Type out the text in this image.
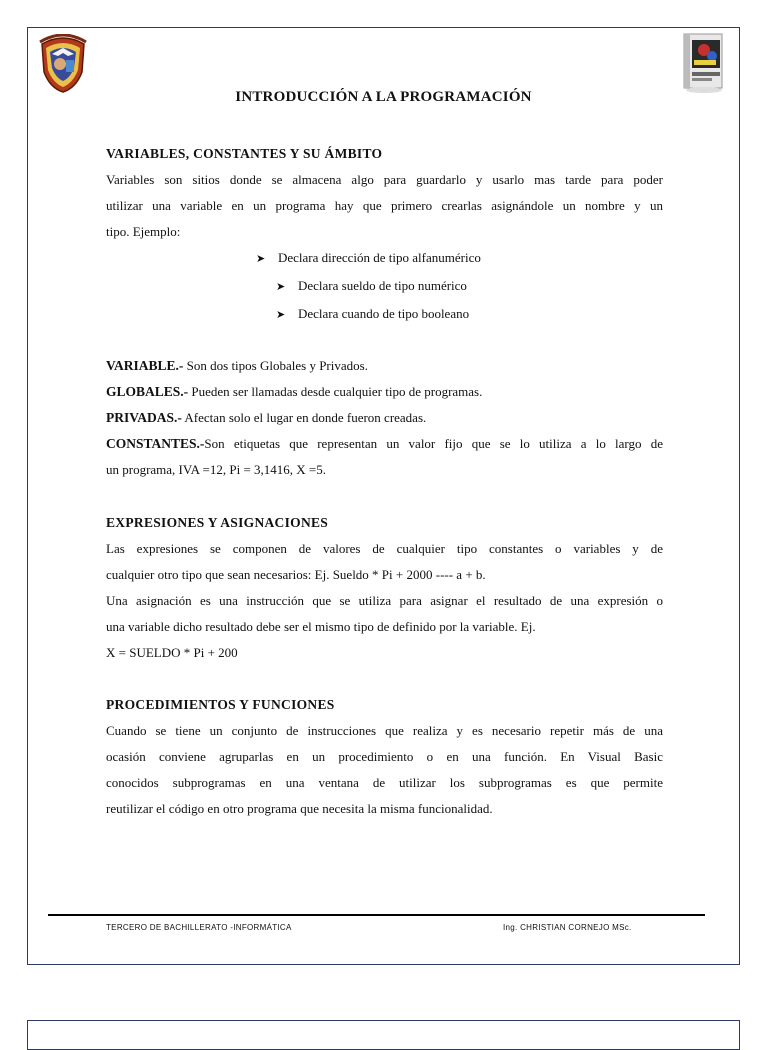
INTRODUCCIÓN A LA PROGRAMACIÓN
VARIABLES, CONSTANTES Y SU ÁMBITO
Variables son sitios donde se almacena algo para guardarlo y usarlo mas tarde para poder
utilizar una variable en un programa hay que primero crearlas asignándole un nombre y un
tipo. Ejemplo:
➤ Declara dirección de tipo alfanumérico
➤ Declara sueldo de tipo numérico
➤ Declara cuando de tipo booleano
VARIABLE.- Son dos tipos Globales y Privados.
GLOBALES.- Pueden ser llamadas desde cualquier tipo de programas.
PRIVADAS.- Afectan solo el lugar en donde fueron creadas.
CONSTANTES.-Son etiquetas que representan un valor fijo que se lo utiliza a lo largo de
un programa, IVA =12, Pi = 3,1416, X =5.
EXPRESIONES Y ASIGNACIONES
Las expresiones se componen de valores de cualquier tipo constantes o variables y de
cualquier otro tipo que sean necesarios: Ej. Sueldo * Pi + 2000 ---- a + b.
Una asignación es una instrucción que se utiliza para asignar el resultado de una expresión o
una variable dicho resultado debe ser el mismo tipo de definido por la variable. Ej.
X = SUELDO * Pi + 200
PROCEDIMIENTOS Y FUNCIONES
Cuando se tiene un conjunto de instrucciones que realiza y es necesario repetir más de una
ocasión conviene agruparlas en un procedimiento o en una función. En Visual Basic
conocidos subprogramas en una ventana de utilizar los subprogramas es que permite
reutilizar el código en otro programa que necesita la misma funcionalidad.
TERCERO DE BACHILLERATO -INFORMÁTICA	Ing. CHRISTIAN CORNEJO MSc.
